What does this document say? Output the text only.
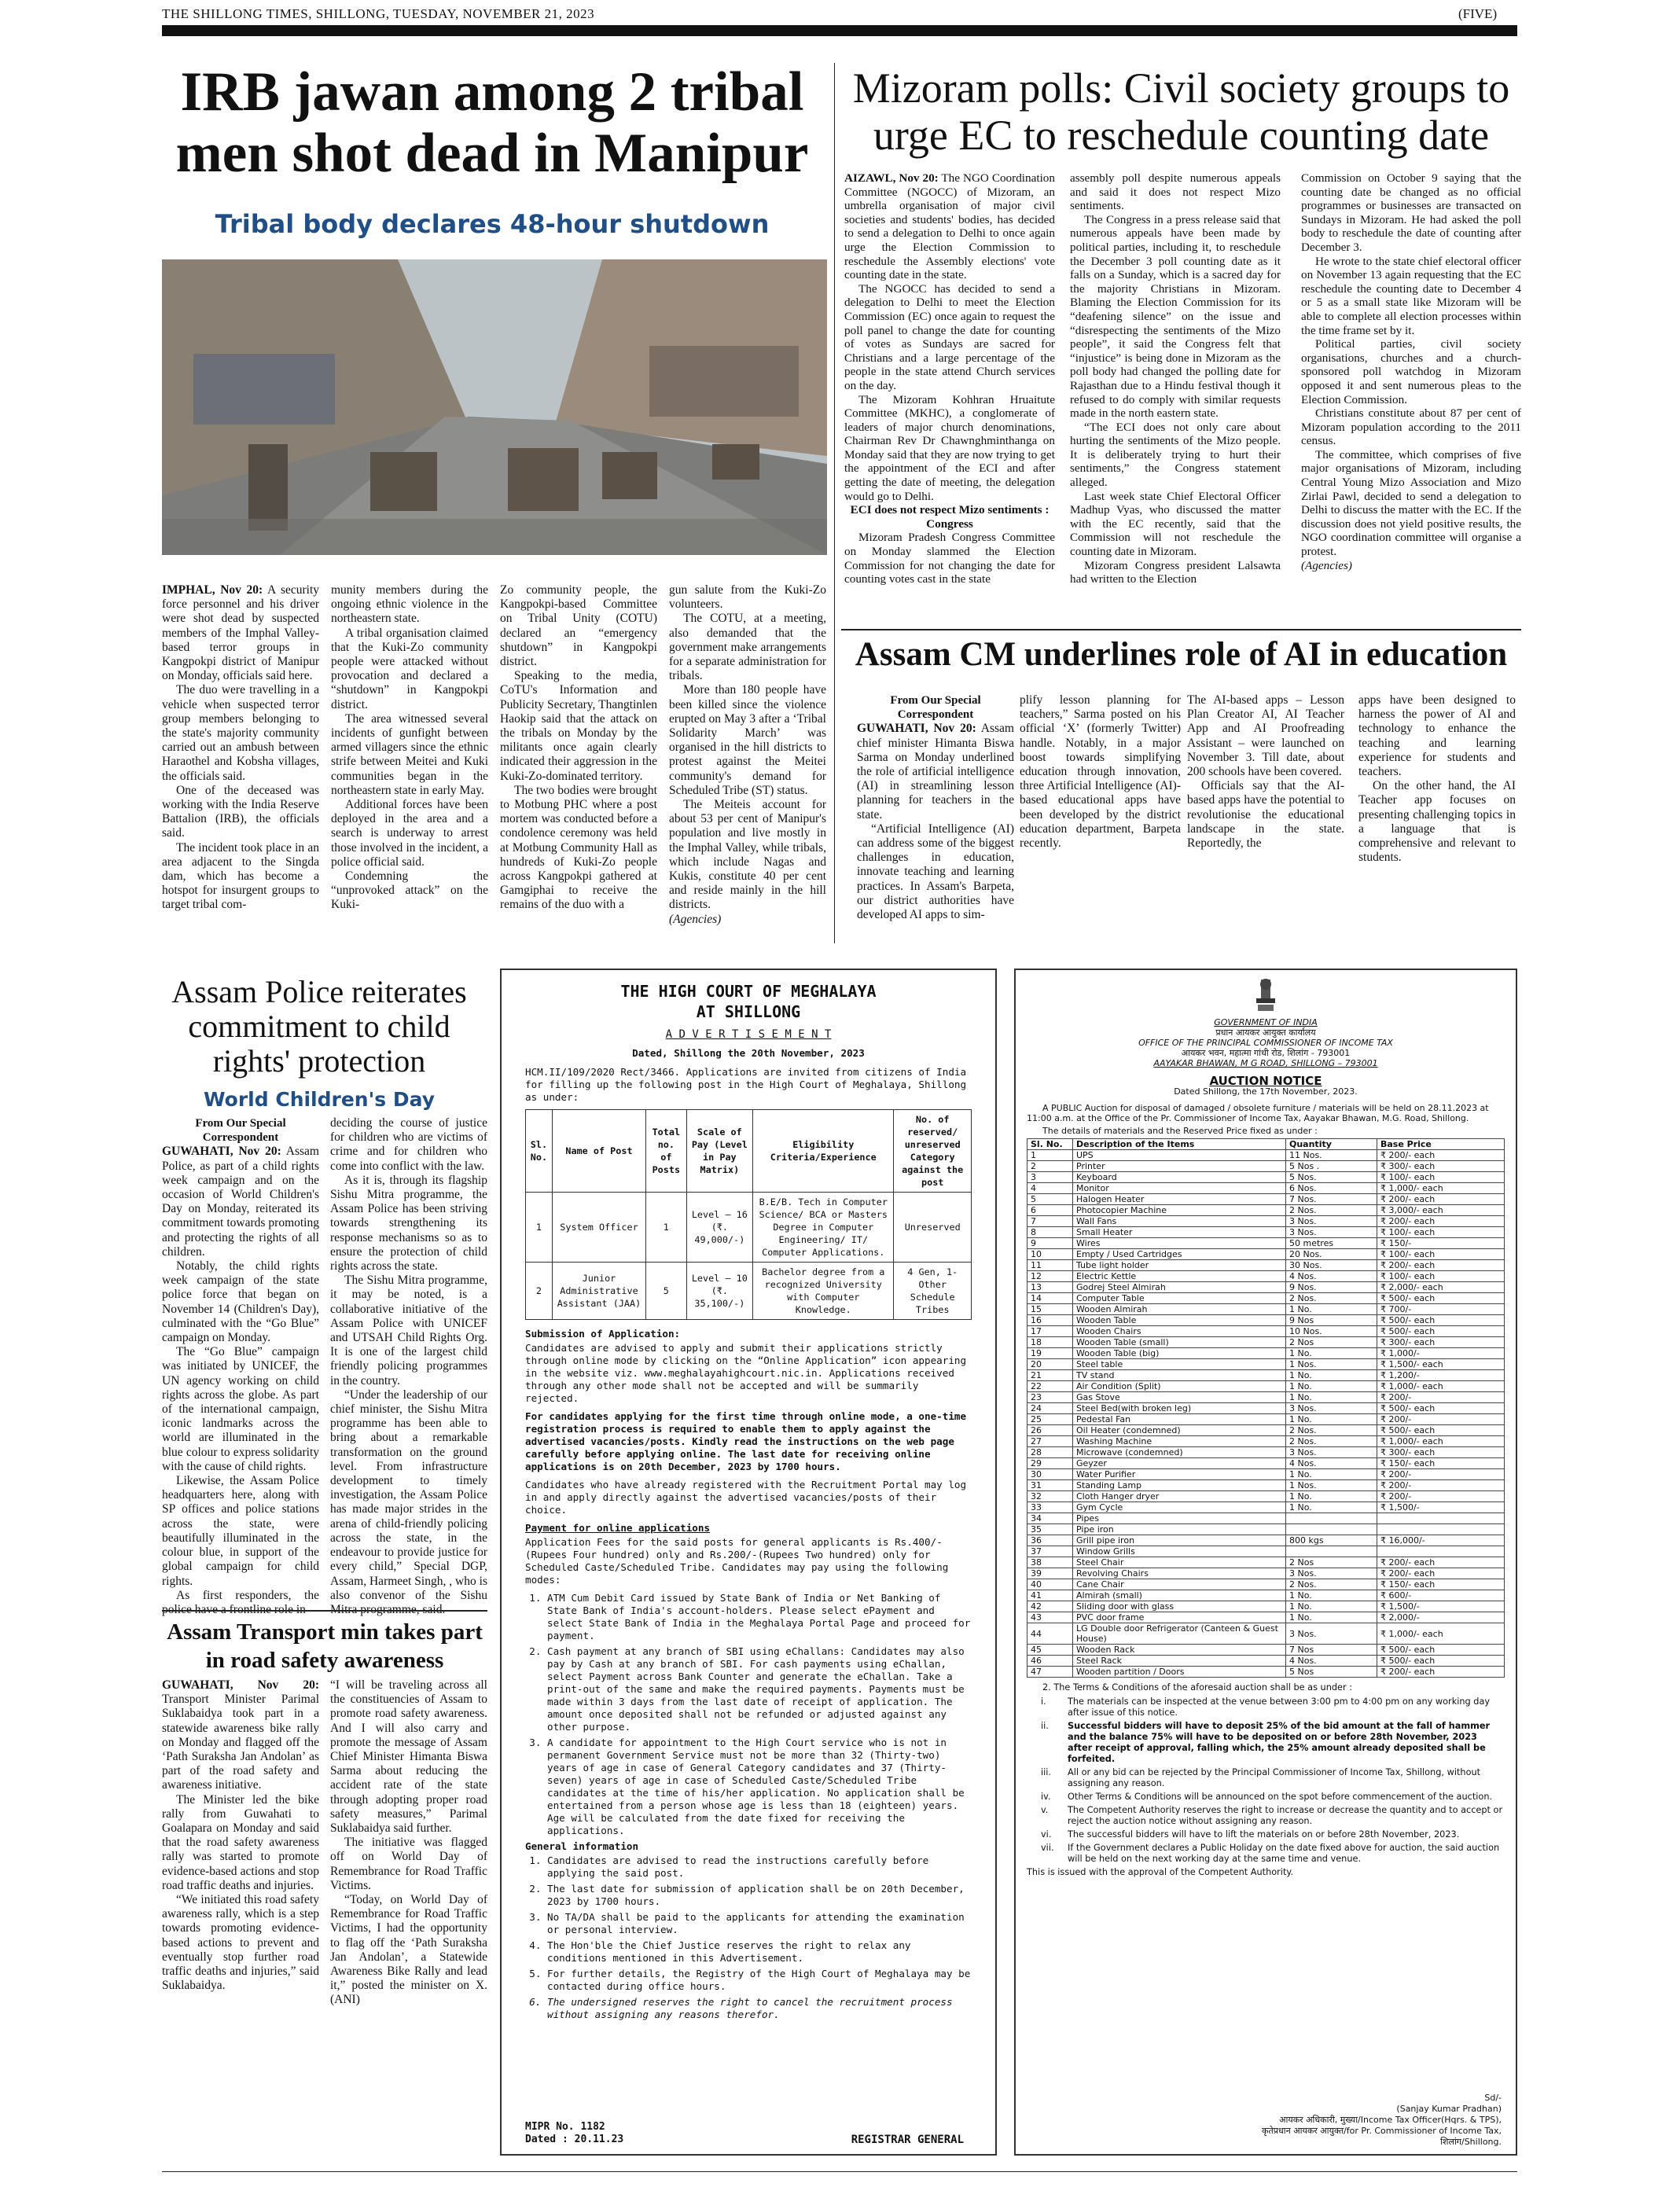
THE SHILLONG TIMES, SHILLONG, TUESDAY, NOVEMBER 21, 2023	(FIVE)
IRB jawan among 2 tribal men shot dead in Manipur
Tribal body declares 48-hour shutdown

IMPHAL, Nov 20: A security force personnel and his driver were shot dead by suspected members of the Imphal Valley-based terror groups in Kangpokpi district of Manipur on Monday, officials said here.

The duo were travelling in a vehicle when suspected terror group members belonging to the state's majority community carried out an ambush between Haraothel and Kobsha villages, the officials said.

One of the deceased was working with the India Reserve Battalion (IRB), the officials said.

The incident took place in an area adjacent to the Singda dam, which has become a hotspot for insurgent groups to target tribal com-

munity members during the ongoing ethnic violence in the northeastern state.

A tribal organisation claimed that the Kuki-Zo community people were attacked without provocation and declared a “shutdown” in Kangpokpi district.

The area witnessed several incidents of gunfight between armed villagers since the ethnic strife between Meitei and Kuki communities began in the northeastern state in early May.

Additional forces have been deployed in the area and a search is underway to arrest those involved in the incident, a police official said.

Condemning the “unprovoked attack” on the Kuki-

Zo community people, the Kangpokpi-based Committee on Tribal Unity (COTU) declared an “emergency shutdown” in Kangpokpi district.

Speaking to the media, CoTU's Information and Publicity Secretary, Thangtinlen Haokip said that the attack on the tribals on Monday by the militants once again clearly indicated their aggression in the Kuki-Zo-dominated territory.

The two bodies were brought to Motbung PHC where a post mortem was conducted before a condolence ceremony was held at Motbung Community Hall as hundreds of Kuki-Zo people across Kangpokpi gathered at Gamgiphai to receive the remains of the duo with a

gun salute from the Kuki-Zo volunteers.

The COTU, at a meeting, also demanded that the government make arrangements for a separate administration for tribals.

More than 180 people have been killed since the violence erupted on May 3 after a ‘Tribal Solidarity March’ was organised in the hill districts to protest against the Meitei community's demand for Scheduled Tribe (ST) status.

The Meiteis account for about 53 per cent of Manipur's population and live mostly in the Imphal Valley, while tribals, which include Nagas and Kukis, constitute 40 per cent and reside mainly in the hill districts.

(Agencies)

Mizoram polls: Civil society groups to urge EC to reschedule counting date

AIZAWL, Nov 20: The NGO Coordination Committee (NGOCC) of Mizoram, an umbrella organisation of major civil societies and students' bodies, has decided to send a delegation to Delhi to once again urge the Election Commission to reschedule the Assembly elections' vote counting date in the state.

The NGOCC has decided to send a delegation to Delhi to meet the Election Commission (EC) once again to request the poll panel to change the date for counting of votes as Sundays are sacred for Christians and a large percentage of the people in the state attend Church services on the day.

The Mizoram Kohhran Hruaitute Committee (MKHC), a conglomerate of leaders of major church denominations, Chairman Rev Dr Chawnghminthanga on Monday said that they are now trying to get the appointment of the ECI and after getting the date of meeting, the delegation would go to Delhi.

ECI does not respect Mizo sentiments : Congress

Mizoram Pradesh Congress Committee on Monday slammed the Election Commission for not changing the date for counting votes cast in the state

assembly poll despite numerous appeals and said it does not respect Mizo sentiments.

The Congress in a press release said that numerous appeals have been made by political parties, including it, to reschedule the December 3 poll counting date as it falls on a Sunday, which is a sacred day for the majority Christians in Mizoram. Blaming the Election Commission for its “deafening silence” on the issue and “disrespecting the sentiments of the Mizo people”, it said the Congress felt that “injustice” is being done in Mizoram as the poll body had changed the polling date for Rajasthan due to a Hindu festival though it refused to do comply with similar requests made in the north eastern state.

“The ECI does not only care about hurting the sentiments of the Mizo people. It is deliberately trying to hurt their sentiments,” the Congress statement alleged.

Last week state Chief Electoral Officer Madhup Vyas, who discussed the matter with the EC recently, said that the Commission will not reschedule the counting date in Mizoram.

Mizoram Congress president Lalsawta had written to the Election

Commission on October 9 saying that the counting date be changed as no official programmes or businesses are transacted on Sundays in Mizoram. He had asked the poll body to reschedule the date of counting after December 3.

He wrote to the state chief electoral officer on November 13 again requesting that the EC reschedule the counting date to December 4 or 5 as a small state like Mizoram will be able to complete all election processes within the time frame set by it.

Political parties, civil society organisations, churches and a church-sponsored poll watchdog in Mizoram opposed it and sent numerous pleas to the Election Commission.

Christians constitute about 87 per cent of Mizoram population according to the 2011 census.

The committee, which comprises of five major organisations of Mizoram, including Central Young Mizo Association and Mizo Zirlai Pawl, decided to send a delegation to Delhi to discuss the matter with the EC. If the discussion does not yield positive results, the NGO coordination committee will organise a protest.

(Agencies)

Assam CM underlines role of AI in education

From Our Special Correspondent

GUWAHATI, Nov 20: Assam chief minister Himanta Biswa Sarma on Monday underlined the role of artificial intelligence (AI) in streamlining lesson planning for teachers in the state.

“Artificial Intelligence (AI) can address some of the biggest challenges in education, innovate teaching and learning practices. In Assam's Barpeta, our district authorities have developed AI apps to sim-

plify lesson planning for teachers,” Sarma posted on his official ‘X’ (formerly Twitter) handle. Notably, in a major boost towards simplifying education through innovation, three Artificial Intelligence (AI)-based educational apps have been developed by the district education department, Barpeta recently.

The AI-based apps – Lesson Plan Creator AI, AI Teacher App and AI Proofreading Assistant – were launched on November 3. Till date, about 200 schools have been covered.

Officials say that the AI-based apps have the potential to revolutionise the educational landscape in the state. Reportedly, the

apps have been designed to harness the power of AI and technology to enhance the teaching and learning experience for students and teachers.

On the other hand, the AI Teacher app focuses on presenting challenging topics in a language that is comprehensive and relevant to students.

Assam Police reiterates commitment to child rights' protection
World Children's Day

From Our Special Correspondent

GUWAHATI, Nov 20: Assam Police, as part of a child rights week campaign and on the occasion of World Children's Day on Monday, reiterated its commitment towards promoting and protecting the rights of all children.

Notably, the child rights week campaign of the state police force that began on November 14 (Children's Day), culminated with the “Go Blue” campaign on Monday.

The “Go Blue” campaign was initiated by UNICEF, the UN agency working on child rights across the globe. As part of the international campaign, iconic landmarks across the world are illuminated in the blue colour to express solidarity with the cause of child rights.

Likewise, the Assam Police headquarters here, along with SP offices and police stations across the state, were beautifully illuminated in the colour blue, in support of the global campaign for child rights.

As first responders, the

deciding the course of justice for children who are victims of crime and for children who come into conflict with the law.

As it is, through its flagship Sishu Mitra programme, the Assam Police has been striving towards strengthening its response mechanisms so as to ensure the protection of child rights across the state.

The Sishu Mitra programme, it may be noted, is a collaborative initiative of the Assam Police with UNICEF and UTSAH Child Rights Org. It is one of the largest child friendly policing programmes in the country.

“Under the leadership of our chief minister, the Sishu Mitra programme has been able to bring about a remarkable transformation on the ground level. From infrastructure development to timely investigation, the Assam Police has made major strides in the arena of child-friendly policing across the state, in the endeavour to provide justice for every child,” Special DGP, Assam, Harmeet Singh, , who is also convenor of the Sishu

Assam Transport min takes part in road safety awareness

GUWAHATI, Nov 20: Transport Minister Parimal Suklabaidya took part in a statewide awareness bike rally on Monday and flagged off the ‘Path Suraksha Jan Andolan’ as part of the road safety and awareness initiative.

The Minister led the bike rally from Guwahati to Goalapara on Monday and said that the road safety awareness rally was started to promote evidence-based actions and stop road traffic deaths and injuries.

“We initiated this road safety awareness rally, which is a step towards promoting evidence-based actions to prevent and eventually stop further road traffic deaths and injuries,” said Suklabaidya.

“I will be traveling across all the constituencies of Assam to promote road safety awareness. And I will also carry and promote the message of Assam Chief Minister Himanta Biswa Sarma about reducing the accident rate of the state through adopting proper road safety measures,” Parimal Suklabaidya said further.

The initiative was flagged off on World Day of Remembrance for Road Traffic Victims.

“Today, on World Day of Remembrance for Road Traffic Victims, I had the opportunity to flag off the ‘Path Suraksha Jan Andolan’, a Statewide Awareness Bike Rally and lead it,” posted the minister on X. (ANI)

THE HIGH COURT OF MEGHALAYA
AT SHILLONG
A D V E R T I S E M E N T
Dated, Shillong the 20th November, 2023

HCM.II/109/2020 Rect/3466. Applications are invited from citizens of India for filling up the following post in the High Court of Meghalaya, Shillong as under:

Sl. No.	Name of Post	Total no. of Posts	Scale of Pay (Level in Pay Matrix)	Eligibility Criteria/Experience	No. of reserved/ unreserved Category against the post
1	System Officer	1	Level – 16 (₹. 49,000/-)	B.E/B. Tech in Computer Science/ BCA or Masters Degree in Computer Engineering/ IT/ Computer Applications.	Unreserved
2	Junior Administrative Assistant (JAA)	5	Level – 10 (₹. 35,100/-)	Bachelor degree from a recognized University with Computer Knowledge.	4 Gen, 1-Other Schedule Tribes

Submission of Application:

Candidates are advised to apply and submit their applications strictly through online mode by clicking on the “Online Application” icon appearing in the website viz. www.meghalayahighcourt.nic.in. Applications received through any other mode shall not be accepted and will be summarily rejected.

For candidates applying for the first time through online mode, a one-time registration process is required to enable them to apply against the advertised vacancies/posts. Kindly read the instructions on the web page carefully before applying online. The last date for receiving online applications is on 20th December, 2023 by 1700 hours.

Candidates who have already registered with the Recruitment Portal may log in and apply directly against the advertised vacancies/posts of their choice.

Payment for online applications

Application Fees for the said posts for general applicants is Rs.400/-(Rupees Four hundred) only and Rs.200/-(Rupees Two hundred) only for Scheduled Caste/Scheduled Tribe. Candidates may pay using the following modes:

1. ATM Cum Debit Card issued by State Bank of India or Net Banking of State Bank of India's account-holders. Please select ePayment and select State Bank of India in the Meghalaya Portal Page and proceed for payment.
2. Cash payment at any branch of SBI using eChallans: Candidates may also pay by Cash at any branch of SBI. For cash payments using eChallan, select Payment across Bank Counter and generate the eChallan. Take a print-out of the same and make the required payments. Payments must be made within 3 days from the last date of receipt of application. The amount once deposited shall not be refunded or adjusted against any other purpose.
3. A candidate for appointment to the High Court service who is not in permanent Government Service must not be more than 32 (Thirty-two) years of age in case of General Category candidates and 37 (Thirty-seven) years of age in case of Scheduled Caste/Scheduled Tribe candidates at the time of his/her application. No application shall be entertained from a person whose age is less than 18 (eighteen) years. Age will be calculated from the date fixed for receiving the applications.

General information

1. Candidates are advised to read the instructions carefully before applying the said post.
2. The last date for submission of application shall be on 20th December, 2023 by 1700 hours.
3. No TA/DA shall be paid to the applicants for attending the examination or personal interview.
4. The Hon'ble the Chief Justice reserves the right to relax any conditions mentioned in this Advertisement.
5. For further details, the Registry of the High Court of Meghalaya may be contacted during office hours.
6. The undersigned reserves the right to cancel the recruitment process without assigning any reasons therefor.
MIPR No. 1182
Dated : 20.11.23	REGISTRAR GENERAL
GOVERNMENT OF INDIA
प्रधान आयकर आयुक्त कार्यालय
OFFICE OF THE PRINCIPAL COMMISSIONER OF INCOME TAX
आयकर भवन, महात्मा गांधी रोड, शिलांग - 793001
AAYAKAR BHAWAN, M G ROAD, SHILLONG – 793001
AUCTION NOTICE
Dated Shillong, the 17th November, 2023.
A PUBLIC Auction for disposal of damaged / obsolete furniture / materials will be held on 28.11.2023 at 11:00 a.m. at the Office of the Pr. Commissioner of Income Tax, Aayakar Bhawan, M.G. Road, Shillong.
The details of materials and the Reserved Price fixed as under :
Sl. No.	Description of the Items	Quantity	Base Price
1	UPS	11 Nos.	₹ 200/- each
2	Printer	5 Nos .	₹ 300/- each
3	Keyboard	5 Nos.	₹ 100/- each
4	Monitor	6 Nos.	₹ 1,000/- each
5	Halogen Heater	7 Nos.	₹ 200/- each
6	Photocopier Machine	2 Nos.	₹ 3,000/- each
7	Wall Fans	3 Nos.	₹ 200/- each
8	Small Heater	3 Nos.	₹ 100/- each
9	Wires	50 metres	₹ 150/-
10	Empty / Used Cartridges	20 Nos.	₹ 100/- each
11	Tube light holder	30 Nos.	₹ 200/- each
12	Electric Kettle	4 Nos.	₹ 100/- each
13	Godrej Steel Almirah	9 Nos.	₹ 2,000/- each
14	Computer Table	2 Nos.	₹ 500/- each
15	Wooden Almirah	1 No.	₹ 700/-
16	Wooden Table	9 Nos	₹ 500/- each
17	Wooden Chairs	10 Nos.	₹ 500/- each
18	Wooden Table (small)	2 Nos	₹ 300/- each
19	Wooden Table (big)	1 No.	₹ 1,000/-
20	Steel table	1 Nos.	₹ 1,500/- each
21	TV stand	1 No.	₹ 1,200/-
22	Air Condition (Split)	1 No.	₹ 1,000/- each
23	Gas Stove	1 No.	₹ 200/-
24	Steel Bed(with broken leg)	3 Nos.	₹ 500/- each
25	Pedestal Fan	1 No.	₹ 200/-
26	Oil Heater (condemned)	2 Nos.	₹ 500/- each
27	Washing Machine	2 Nos.	₹ 1,000/- each
28	Microwave (condemned)	3 Nos.	₹ 300/- each
29	Geyzer	4 Nos.	₹ 150/- each
30	Water Purifier	1 No.	₹ 200/-
31	Standing Lamp	1 Nos.	₹ 200/-
32	Cloth Hanger dryer	1 No.	₹ 200/-
33	Gym Cycle	1 No.	₹ 1,500/-
34	Pipes		
35	Pipe iron		
36	Grill pipe iron	800 kgs	₹ 16,000/-
37	Window Grills		
38	Steel Chair	2 Nos	₹ 200/- each
39	Revolving Chairs	3 Nos.	₹ 200/- each
40	Cane Chair	2 Nos.	₹ 150/- each
41	Almirah (small)	1 No.	₹ 600/-
42	Sliding door with glass	1 No.	₹ 1,500/-
43	PVC door frame	1 No.	₹ 2,000/-
44	LG Double door Refrigerator (Canteen & Guest House)	3 Nos.	₹ 1,000/- each
45	Wooden Rack	7 Nos	₹ 500/- each
46	Steel Rack	4 Nos.	₹ 500/- each
47	Wooden partition / Doors	5 Nos	₹ 200/- each
2. The Terms & Conditions of the aforesaid auction shall be as under :
i.	The materials can be inspected at the venue between 3:00 pm to 4:00 pm on any working day after issue of this notice.
ii.	Successful bidders will have to deposit 25% of the bid amount at the fall of hammer and the balance 75% will have to be deposited on or before 28th November, 2023 after receipt of approval, falling which, the 25% amount already deposited shall be forfeited.
iii.	All or any bid can be rejected by the Principal Commissioner of Income Tax, Shillong, without assigning any reason.
iv.	Other Terms & Conditions will be announced on the spot before commencement of the auction.
v.	The Competent Authority reserves the right to increase or decrease the quantity and to accept or reject the auction notice without assigning any reason.
vi.	The successful bidders will have to lift the materials on or before 28th November, 2023.
vii.	If the Government declares a Public Holiday on the date fixed above for auction, the said auction will be held on the next working day at the same time and venue.
This is issued with the approval of the Competent Authority.
Sd/-
(Sanjay Kumar Pradhan)
आयकर अधिकारी, मुख्या/Income Tax Officer(Hqrs. & TPS),
कृतेप्रधान आयकर आयुक्त/for Pr. Commissioner of Income Tax,
शिलांग/Shillong.
